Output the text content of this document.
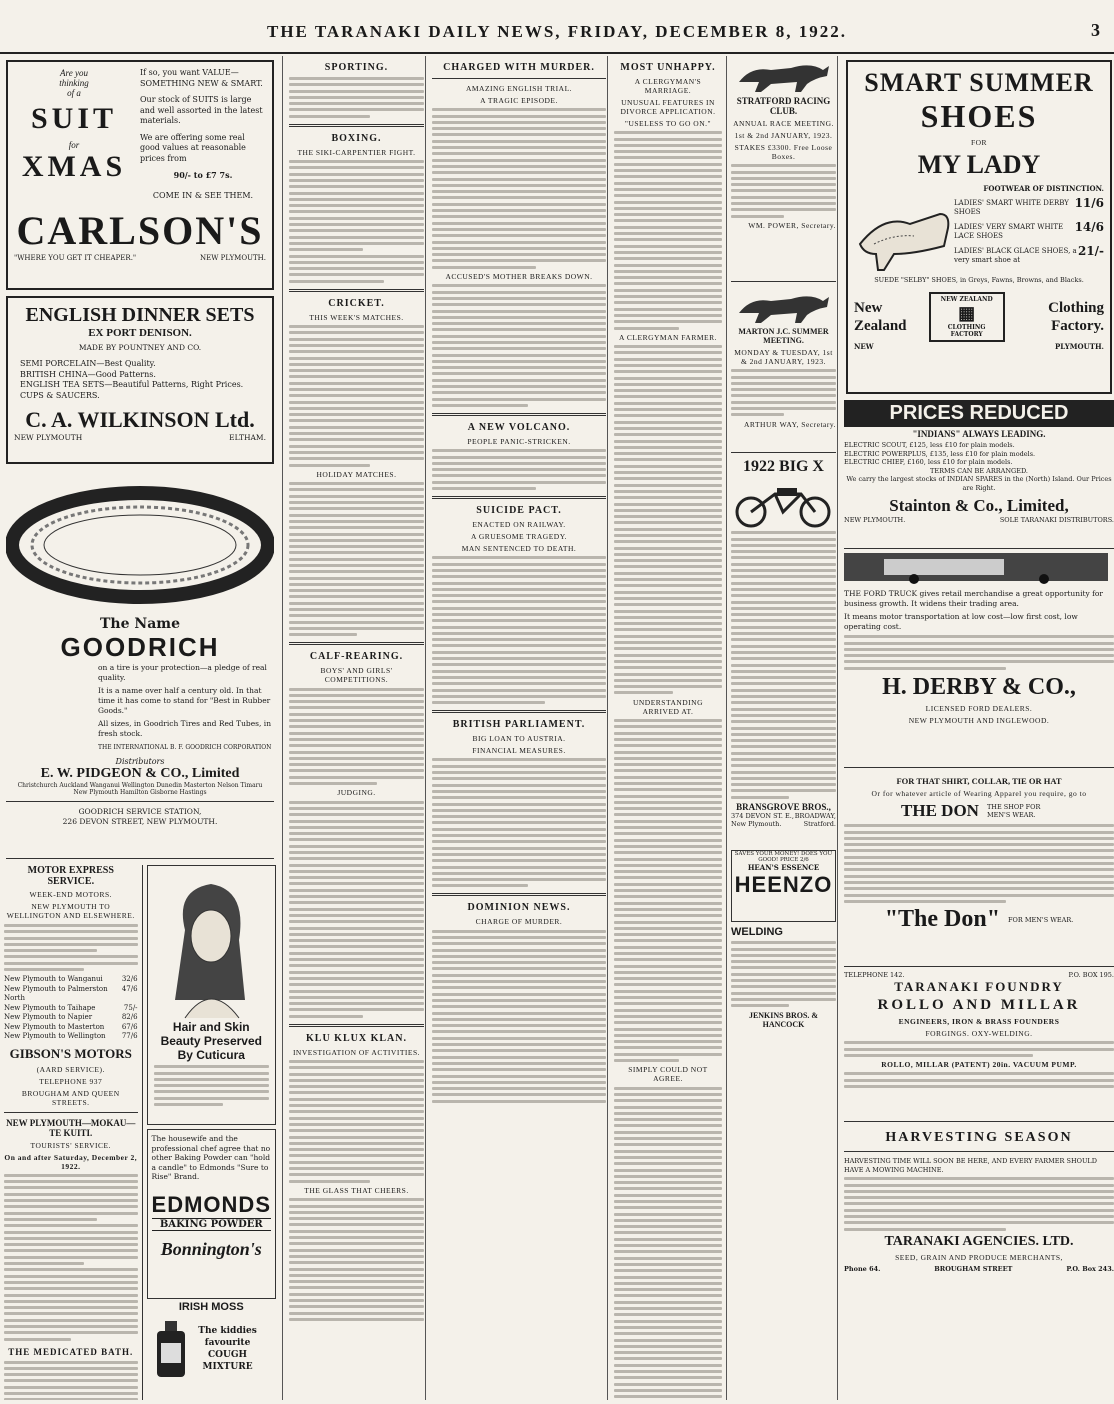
THE TARANAKI DAILY NEWS, FRIDAY, DECEMBER 8, 1922.	3
Are you
thinking
of a
SUIT
for
XMAS
If so, you want VALUE—SOMETHING NEW & SMART.
Our stock of SUITS is large and well assorted in the latest materials.
We are offering some real good values at reasonable prices from
90/- to £7 7s.
COME IN & SEE THEM.
CARLSON'S
"WHERE YOU GET IT CHEAPER."	NEW PLYMOUTH.
ENGLISH DINNER SETS
EX PORT DENISON.
MADE BY POUNTNEY AND CO.
SEMI PORCELAIN—Best Quality.
BRITISH CHINA—Good Patterns.
ENGLISH TEA SETS—Beautiful Patterns, Right Prices.
CUPS & SAUCERS.
C. A. WILKINSON Ltd.
NEW PLYMOUTH	ELTHAM.
The Name
GOODRICH
on a tire is your protection—a pledge of real quality.
It is a name over half a century old. In that time it has come to stand for "Best in Rubber Goods."
All sizes, in Goodrich Tires and Red Tubes, in fresh stock.
THE INTERNATIONAL B. F. GOODRICH CORPORATION
Distributors
E. W. PIDGEON & CO., Limited
Christchurch Auckland Wanganui Wellington Dunedin Masterton Nelson Timaru New Plymouth Hamilton Gisborne Hastings
GOODRICH SERVICE STATION,
226 DEVON STREET, NEW PLYMOUTH.
MOTOR EXPRESS SERVICE.
WEEK-END MOTORS.
NEW PLYMOUTH TO WELLINGTON AND ELSEWHERE.
New Plymouth to Wanganui	32/6
New Plymouth to Palmerston North
47/6
New Plymouth to Taihape	75/-
New Plymouth to Napier	82/6
New Plymouth to Masterton 67/6
New Plymouth to Wellington 77/6
GIBSON'S MOTORS
(AARD SERVICE).
TELEPHONE 937
BROUGHAM AND QUEEN STREETS.
NEW PLYMOUTH—MOKAU—TE KUITI.
TOURISTS' SERVICE.
On and after Saturday, December 2, 1922.
THE MEDICATED BATH.
Hair and Skin Beauty Preserved By Cuticura
The housewife and the professional chef agree that no other Baking Powder can "hold a candle" to Edmonds "Sure to Rise" Brand.
EDMONDS
BAKING POWDER
Bonnington's
IRISH MOSS
The kiddies favourite COUGH MIXTURE
SPORTING.
BOXING.
THE SIKI-CARPENTIER FIGHT.
CRICKET.
THIS WEEK'S MATCHES.
HOLIDAY MATCHES.
CALF-REARING.
BOYS' AND GIRLS' COMPETITIONS.
JUDGING.
KLU KLUX KLAN.
INVESTIGATION OF ACTIVITIES.
THE GLASS THAT CHEERS.
CHARGED WITH MURDER.
AMAZING ENGLISH TRIAL.
A TRAGIC EPISODE.
ACCUSED'S MOTHER BREAKS DOWN.
A NEW VOLCANO.
PEOPLE PANIC-STRICKEN.
SUICIDE PACT.
ENACTED ON RAILWAY.
A GRUESOME TRAGEDY.
MAN SENTENCED TO DEATH.
BRITISH PARLIAMENT.
BIG LOAN TO AUSTRIA.
FINANCIAL MEASURES.
DOMINION NEWS.
CHARGE OF MURDER.
MOST UNHAPPY.
A CLERGYMAN'S MARRIAGE.
UNUSUAL FEATURES IN DIVORCE APPLICATION.
"USELESS TO GO ON."
A CLERGYMAN FARMER.
UNDERSTANDING ARRIVED AT.
SIMPLY COULD NOT AGREE.
STRATFORD RACING CLUB.
ANNUAL RACE MEETING.
1st & 2nd JANUARY, 1923.
STAKES £3300. Free Loose Boxes.
WM. POWER, Secretary.
MARTON J.C. SUMMER MEETING.
MONDAY & TUESDAY, 1st & 2nd JANUARY, 1923.
ARTHUR WAY, Secretary.
1922 BIG X
BRANSGROVE BROS.,
374 DEVON ST. E., BROADWAY,
New Plymouth.	Stratford.
SAVES YOUR MONEY! DOES YOU GOOD! PRICE 2/6
HEAN'S ESSENCE
HEENZO
WELDING
JENKINS BROS. & HANCOCK
SMART SUMMER
SHOES
FOR
MY LADY
FOOTWEAR OF DISTINCTION.
LADIES' SMART WHITE DERBY SHOES
11/6
LADIES' VERY SMART WHITE LACE SHOES
14/6
LADIES' BLACK GLACE SHOES, a very smart shoe at
21/-
SUEDE "SELBY" SHOES, in Greys, Fawns, Browns, and Blacks.
New Zealand
NEW ZEALAND
▦
CLOTHING FACTORY
Clothing Factory.
NEW	PLYMOUTH.
PRICES REDUCED
"INDIANS" ALWAYS LEADING.
ELECTRIC SCOUT, £125, less £10 for plain models.
ELECTRIC POWERPLUS, £135, less £10 for plain models.
ELECTRIC CHIEF, £160, less £10 for plain models.
TERMS CAN BE ARRANGED.
We carry the largest stocks of INDIAN SPARES in the (North) Island. Our Prices are Right.
Stainton & Co., Limited,
NEW PLYMOUTH.	SOLE TARANAKI DISTRIBUTORS.
THE FORD TRUCK gives retail merchandise a great opportunity for business growth. It widens their trading area.
It means motor transportation at low cost—low first cost, low operating cost.
H. DERBY & CO.,
LICENSED FORD DEALERS.
NEW PLYMOUTH AND INGLEWOOD.
FOR THAT SHIRT, COLLAR, TIE OR HAT
Or for whatever article of Wearing Apparel you require, go to
THE DON THE SHOP FOR MEN'S WEAR.
"The Don" FOR MEN'S WEAR.
TELEPHONE 142.	P.O. BOX 195.
TARANAKI FOUNDRY
ROLLO AND MILLAR
ENGINEERS, IRON & BRASS FOUNDERS
FORGINGS. OXY-WELDING.
ROLLO, MILLAR (PATENT) 20in. VACUUM PUMP.
HARVESTING SEASON
HARVESTING TIME WILL SOON BE HERE, AND EVERY FARMER SHOULD HAVE A MOWING MACHINE.
TARANAKI AGENCIES. LTD.
SEED, GRAIN AND PRODUCE MERCHANTS,
Phone 64.	BROUGHAM STREET	P.O. Box 243.
